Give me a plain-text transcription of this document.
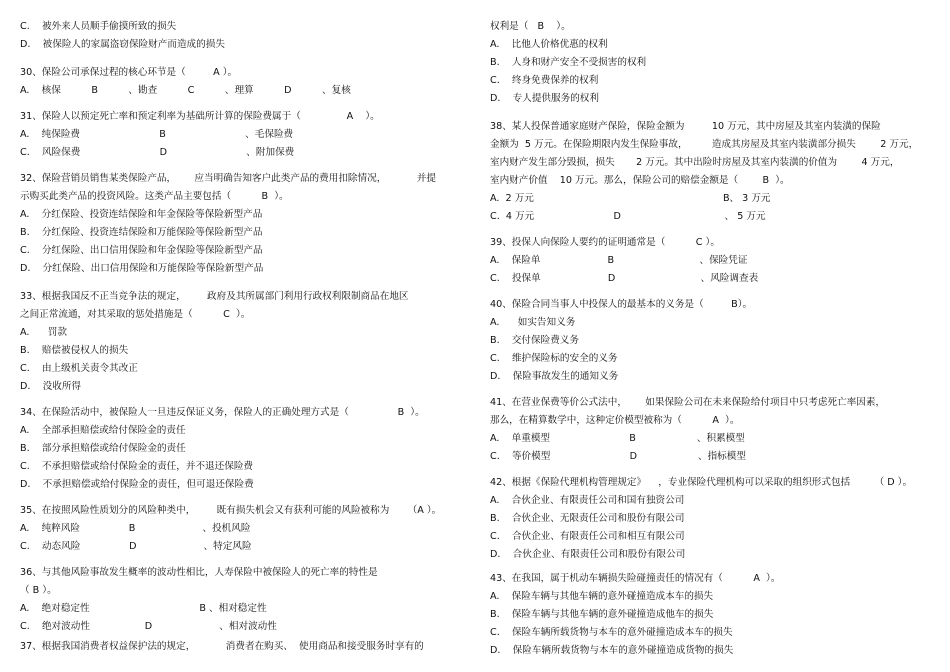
C.    被外来人员顺手偷摸所致的损失
D.    被保险人的家属盗窃保险财产而造成的损失
30、保险公司承保过程的核心环节是（         A ）。
A.    核保          B          、勘查          C          、理算          D          、复核
31、保险人以预定死亡率和预定利率为基础所计算的保险费属于（               A    ）。
A.    纯保险费                          B                          、毛保险费
C.    风险保费                          D                          、附加保费
32、保险营销员销售某类保险产品，      应当明确告知客户此类产品的费用扣除情况，          并提
示购买此类产品的投资风险。这类产品主要包括（          B  ）。
A.    分红保险、投资连结保险和年金保险等保险新型产品
B.    分红保险、投资连结保险和万能保险等保险新型产品
C.    分红保险、出口信用保险和年金保险等保险新型产品
D.    分红保险、出口信用保险和万能保险等保险新型产品
33、根据我国反不正当竞争法的规定，       政府及其所属部门利用行政权利限制商品在地区
之间正常流通，对其采取的惩处措施是（          C  ）。
A.      罚款
B.    赔偿被侵权人的损失
C.    由上级机关责令其改正
D.    没收所得
34、在保险活动中，被保险人一旦违反保证义务，保险人的正确处理方式是（                B  ）。
A.    全部承担赔偿或给付保险金的责任
B.    部分承担赔偿或给付保险金的责任
C.    不承担赔偿或给付保险金的责任，并不退还保险费
D.    不承担赔偿或给付保险金的责任，但可退还保险费
35、在按照风险性质划分的风险种类中，       既有损失机会又有获利可能的风险被称为      （A ）。
A.    纯粹风险                B                      、投机风险
C.    动态风险                D                      、特定风险
36、与其他风险事故发生概率的波动性相比，人寿保险中被保险人的死亡率的特性是
（ B ）。
A.    绝对稳定性                                    B 、相对稳定性
C.    绝对波动性                  D                      、相对波动性
37、根据我国消费者权益保护法的规定，          消费者在购买、  使用商品和接受服务时享有的
权利是（   B    ）。
A.    比他人价格优惠的权利
B.    人身和财产安全不受损害的权利
C.    终身免费保养的权利
D.    专人提供服务的权利
38、某人投保普通家庭财产保险，保险金额为         10 万元，其中房屋及其室内装潢的保险
金额为  5 万元。在保险期限内发生保险事故，        造成其房屋及其室内装潢部分损失        2 万元，
室内财产发生部分毁损，损失       2 万元。其中出险时房屋及其室内装潢的价值为        4 万元，
室内财产价值    10 万元。那么，保险公司的赔偿金额是（        B  ）。
A.  2 万元                                                              B、 3 万元
C.  4 万元                          D                                  、 5 万元
39、投保人向保险人要约的证明通常是（          C ）。
A.    保险单                      B                            、保险凭证
C.    投保单                      D                            、风险调查表
40、保险合同当事人中投保人的最基本的义务是（         B）。
A.      如实告知义务
B.    交付保险费义务
C.    维护保险标的安全的义务
D.    保险事故发生的通知义务
41、在营业保费等价公式法中，      如果保险公司在未来保险给付项目中只考虑死亡率因素，
那么，在精算数学中，这种定价模型被称为（          A  ）。
A.    单重模型                          B                    、积累模型
C.    等价模型                          D                    、指标模型
42、根据《保险代理机构管理规定》    ，专业保险代理机构可以采取的组织形式包括        （ D ）。
A.    合伙企业、有限责任公司和国有独资公司
B.    合伙企业、无限责任公司和股份有限公司
C.    合伙企业、有限责任公司和相互有限公司
D.    合伙企业、有限责任公司和股份有限公司
43、在我国，属于机动车辆损失险碰撞责任的情况有（          A  ）。
A.    保险车辆与其他车辆的意外碰撞造成本车的损失
B.    保险车辆与其他车辆的意外碰撞造成他车的损失
C.    保险车辆所载货物与本车的意外碰撞造成本车的损失
D.    保险车辆所载货物与本车的意外碰撞造成货物的损失
